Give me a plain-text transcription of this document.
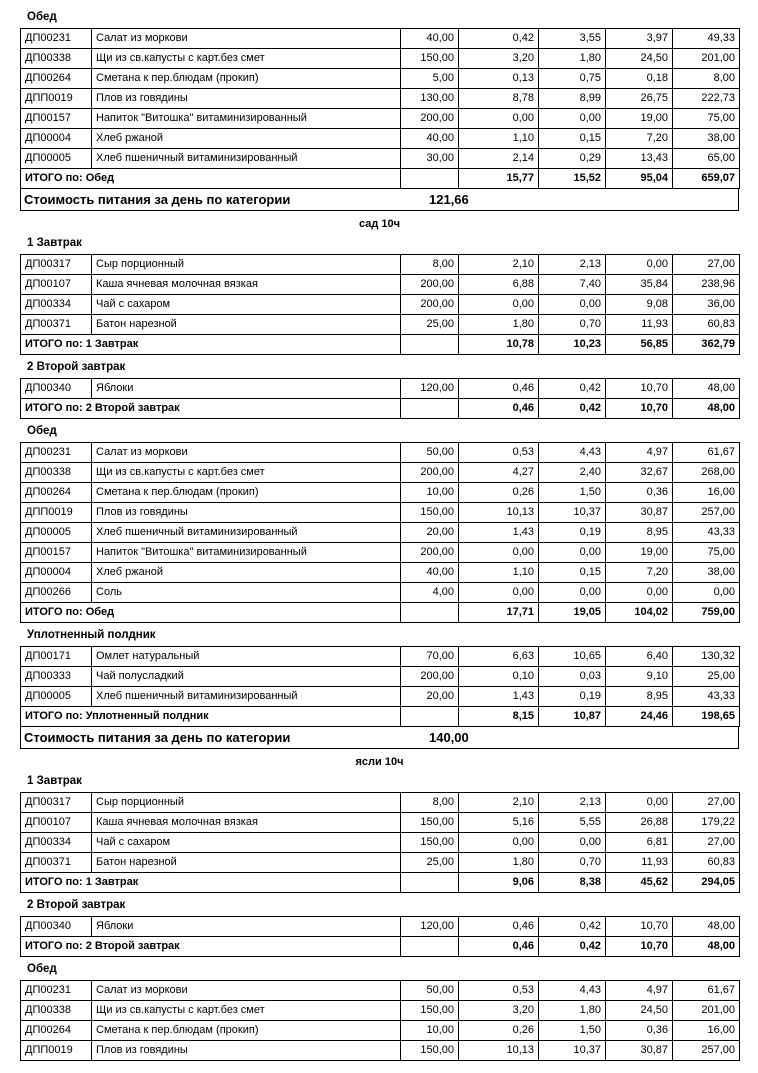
Обед
ДП00231	Салат из моркови	40,00	0,42	3,55	3,97	49,33
ДП00338	Щи из св.капусты с карт.без смет	150,00	3,20	1,80	24,50	201,00
ДП00264	Сметана к пер.блюдам (прокип)	5,00	0,13	0,75	0,18	8,00
ДПП0019	Плов из говядины	130,00	8,78	8,99	26,75	222,73
ДП00157	Напиток "Витошка" витаминизированный	200,00	0,00	0,00	19,00	75,00
ДП00004	Хлеб ржаной	40,00	1,10	0,15	7,20	38,00
ДП00005	Хлеб пшеничный витаминизированный	30,00	2,14	0,29	13,43	65,00
ИТОГО по: Обед			15,77	15,52	95,04	659,07
Стоимость питания за день по категории	121,66
сад 10ч
1 Завтрак
ДП00317	Сыр порционный	8,00	2,10	2,13	0,00	27,00
ДП00107	Каша ячневая молочная вязкая	200,00	6,88	7,40	35,84	238,96
ДП00334	Чай с сахаром	200,00	0,00	0,00	9,08	36,00
ДП00371	Батон нарезной	25,00	1,80	0,70	11,93	60,83
ИТОГО по: 1 Завтрак			10,78	10,23	56,85	362,79
2 Второй завтрак
ДП00340	Яблоки	120,00	0,46	0,42	10,70	48,00
ИТОГО по: 2 Второй завтрак			0,46	0,42	10,70	48,00
Обед
ДП00231	Салат из моркови	50,00	0,53	4,43	4,97	61,67
ДП00338	Щи из св.капусты с карт.без смет	200,00	4,27	2,40	32,67	268,00
ДП00264	Сметана к пер.блюдам (прокип)	10,00	0,26	1,50	0,36	16,00
ДПП0019	Плов из говядины	150,00	10,13	10,37	30,87	257,00
ДП00005	Хлеб пшеничный витаминизированный	20,00	1,43	0,19	8,95	43,33
ДП00157	Напиток "Витошка" витаминизированный	200,00	0,00	0,00	19,00	75,00
ДП00004	Хлеб ржаной	40,00	1,10	0,15	7,20	38,00
ДП00266	Соль	4,00	0,00	0,00	0,00	0,00
ИТОГО по: Обед			17,71	19,05	104,02	759,00
Уплотненный полдник
ДП00171	Омлет натуральный	70,00	6,63	10,65	6,40	130,32
ДП00333	Чай полусладкий	200,00	0,10	0,03	9,10	25,00
ДП00005	Хлеб пшеничный витаминизированный	20,00	1,43	0,19	8,95	43,33
ИТОГО по: Уплотненный полдник			8,15	10,87	24,46	198,65
Стоимость питания за день по категории	140,00
ясли 10ч
1 Завтрак
ДП00317	Сыр порционный	8,00	2,10	2,13	0,00	27,00
ДП00107	Каша ячневая молочная вязкая	150,00	5,16	5,55	26,88	179,22
ДП00334	Чай с сахаром	150,00	0,00	0,00	6,81	27,00
ДП00371	Батон нарезной	25,00	1,80	0,70	11,93	60,83
ИТОГО по: 1 Завтрак			9,06	8,38	45,62	294,05
2 Второй завтрак
ДП00340	Яблоки	120,00	0,46	0,42	10,70	48,00
ИТОГО по: 2 Второй завтрак			0,46	0,42	10,70	48,00
Обед
ДП00231	Салат из моркови	50,00	0,53	4,43	4,97	61,67
ДП00338	Щи из св.капусты с карт.без смет	150,00	3,20	1,80	24,50	201,00
ДП00264	Сметана к пер.блюдам (прокип)	10,00	0,26	1,50	0,36	16,00
ДПП0019	Плов из говядины	150,00	10,13	10,37	30,87	257,00
